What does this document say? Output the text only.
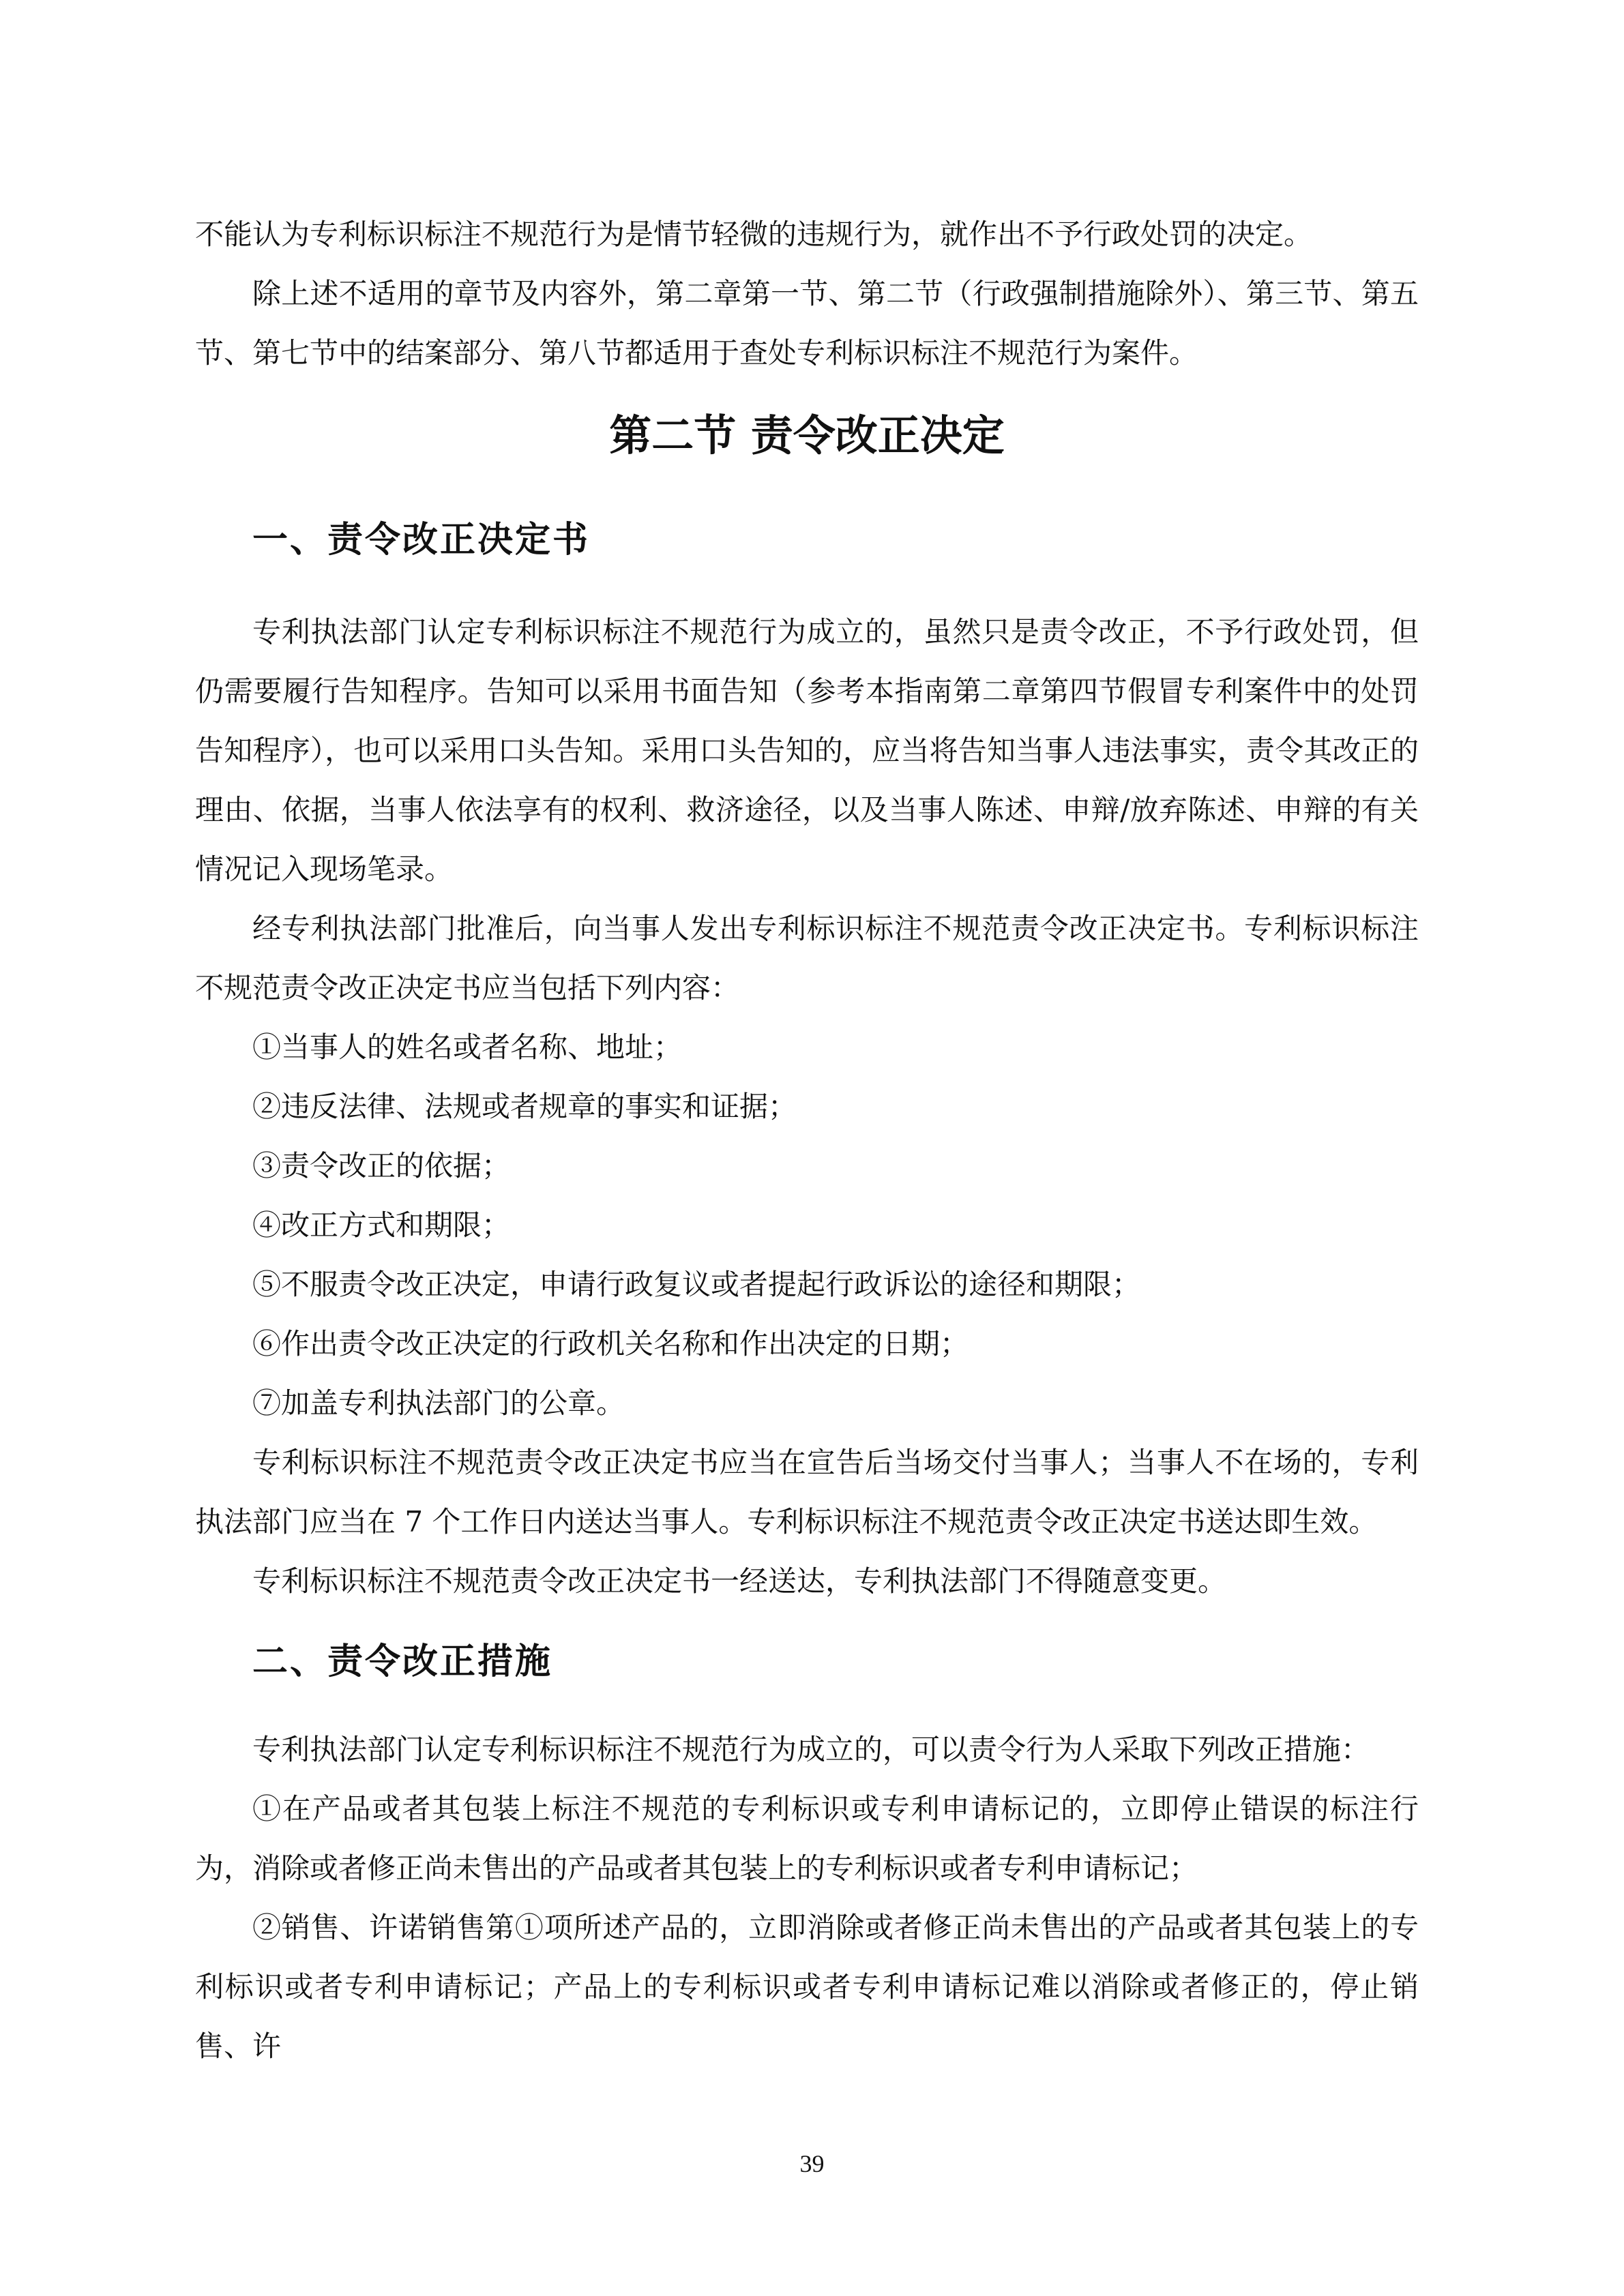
不能认为专利标识标注不规范行为是情节轻微的违规行为，就作出不予行政处罚的决定。

除上述不适用的章节及内容外，第二章第一节、第二节（行政强制措施除外）、第三节、第五节、第七节中的结案部分、第八节都适用于查处专利标识标注不规范行为案件。

第二节 责令改正决定
一、责令改正决定书

专利执法部门认定专利标识标注不规范行为成立的，虽然只是责令改正，不予行政处罚，但仍需要履行告知程序。告知可以采用书面告知（参考本指南第二章第四节假冒专利案件中的处罚告知程序），也可以采用口头告知。采用口头告知的，应当将告知当事人违法事实，责令其改正的理由、依据，当事人依法享有的权利、救济途径，以及当事人陈述、申辩/放弃陈述、申辩的有关情况记入现场笔录。

经专利执法部门批准后，向当事人发出专利标识标注不规范责令改正决定书。专利标识标注不规范责令改正决定书应当包括下列内容：

①当事人的姓名或者名称、地址；

②违反法律、法规或者规章的事实和证据；

③责令改正的依据；

④改正方式和期限；

⑤不服责令改正决定，申请行政复议或者提起行政诉讼的途径和期限；

⑥作出责令改正决定的行政机关名称和作出决定的日期；

⑦加盖专利执法部门的公章。

专利标识标注不规范责令改正决定书应当在宣告后当场交付当事人；当事人不在场的，专利执法部门应当在 7 个工作日内送达当事人。专利标识标注不规范责令改正决定书送达即生效。

专利标识标注不规范责令改正决定书一经送达，专利执法部门不得随意变更。

二、责令改正措施

专利执法部门认定专利标识标注不规范行为成立的，可以责令行为人采取下列改正措施：

①在产品或者其包装上标注不规范的专利标识或专利申请标记的，立即停止错误的标注行为，消除或者修正尚未售出的产品或者其包装上的专利标识或者专利申请标记；

②销售、许诺销售第①项所述产品的，立即消除或者修正尚未售出的产品或者其包装上的专利标识或者专利申请标记；产品上的专利标识或者专利申请标记难以消除或者修正的，停止销售、许

39
